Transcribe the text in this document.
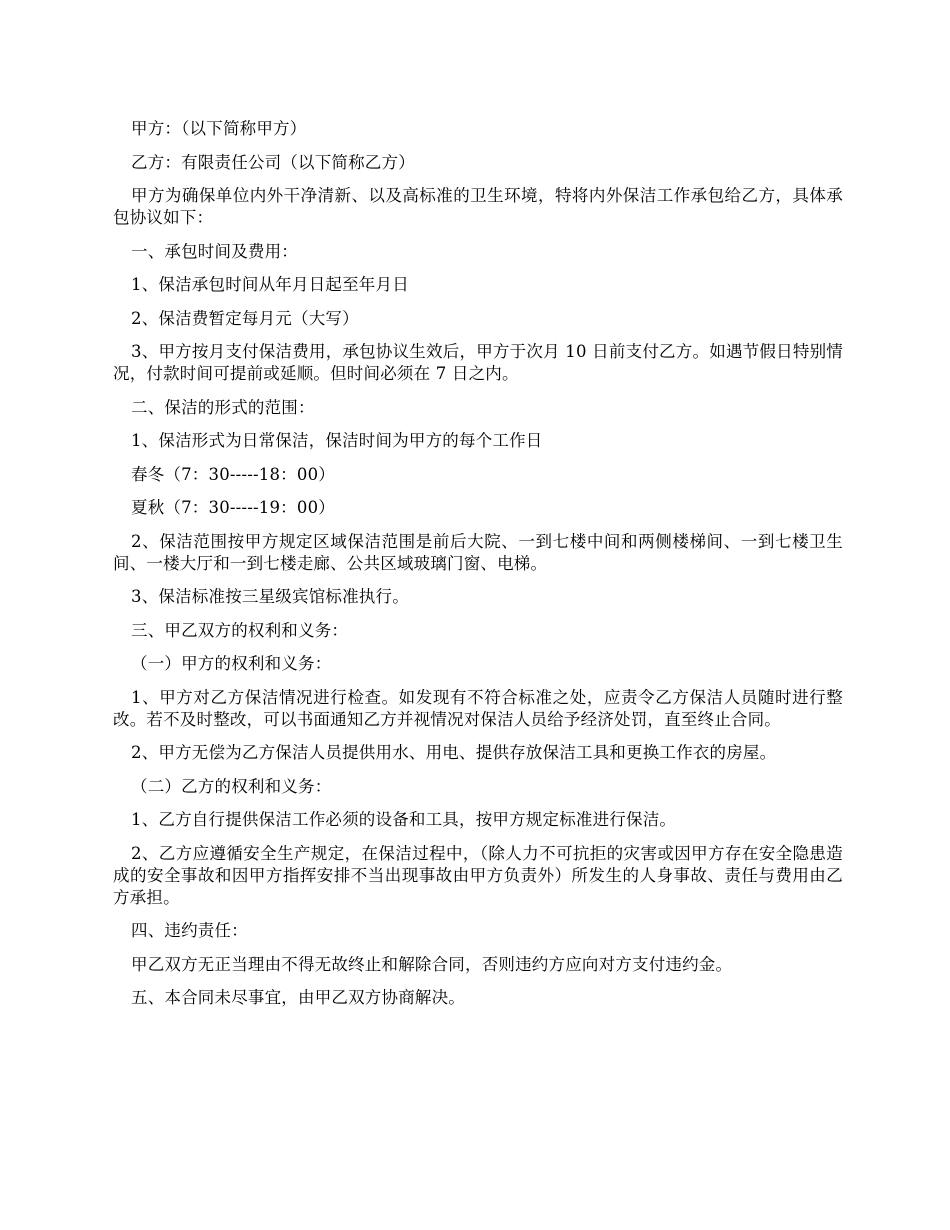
甲方：（以下简称甲方）

乙方：有限责任公司（以下简称乙方）

甲方为确保单位内外干净清新、以及高标准的卫生环境，特将内外保洁工作承包给乙方，具体承包协议如下：

一、承包时间及费用：

1、保洁承包时间从年月日起至年月日

2、保洁费暂定每月元（大写）

3、甲方按月支付保洁费用，承包协议生效后，甲方于次月 10 日前支付乙方。如遇节假日特别情况，付款时间可提前或延顺。但时间必须在 7 日之内。

二、保洁的形式的范围：

1、保洁形式为日常保洁，保洁时间为甲方的每个工作日

春冬（7：30-----18：00）

夏秋（7：30-----19：00）

2、保洁范围按甲方规定区域保洁范围是前后大院、一到七楼中间和两侧楼梯间、一到七楼卫生间、一楼大厅和一到七楼走廊、公共区域玻璃门窗、电梯。

3、保洁标准按三星级宾馆标准执行。

三、甲乙双方的权利和义务：

（一）甲方的权利和义务：

1、甲方对乙方保洁情况进行检查。如发现有不符合标准之处，应责令乙方保洁人员随时进行整改。若不及时整改，可以书面通知乙方并视情况对保洁人员给予经济处罚，直至终止合同。

2、甲方无偿为乙方保洁人员提供用水、用电、提供存放保洁工具和更换工作衣的房屋。

（二）乙方的权利和义务：

1、乙方自行提供保洁工作必须的设备和工具，按甲方规定标准进行保洁。

2、乙方应遵循安全生产规定，在保洁过程中，（除人力不可抗拒的灾害或因甲方存在安全隐患造成的安全事故和因甲方指挥安排不当出现事故由甲方负责外）所发生的人身事故、责任与费用由乙方承担。

四、违约责任：

甲乙双方无正当理由不得无故终止和解除合同，否则违约方应向对方支付违约金。

五、本合同未尽事宜，由甲乙双方协商解决。
